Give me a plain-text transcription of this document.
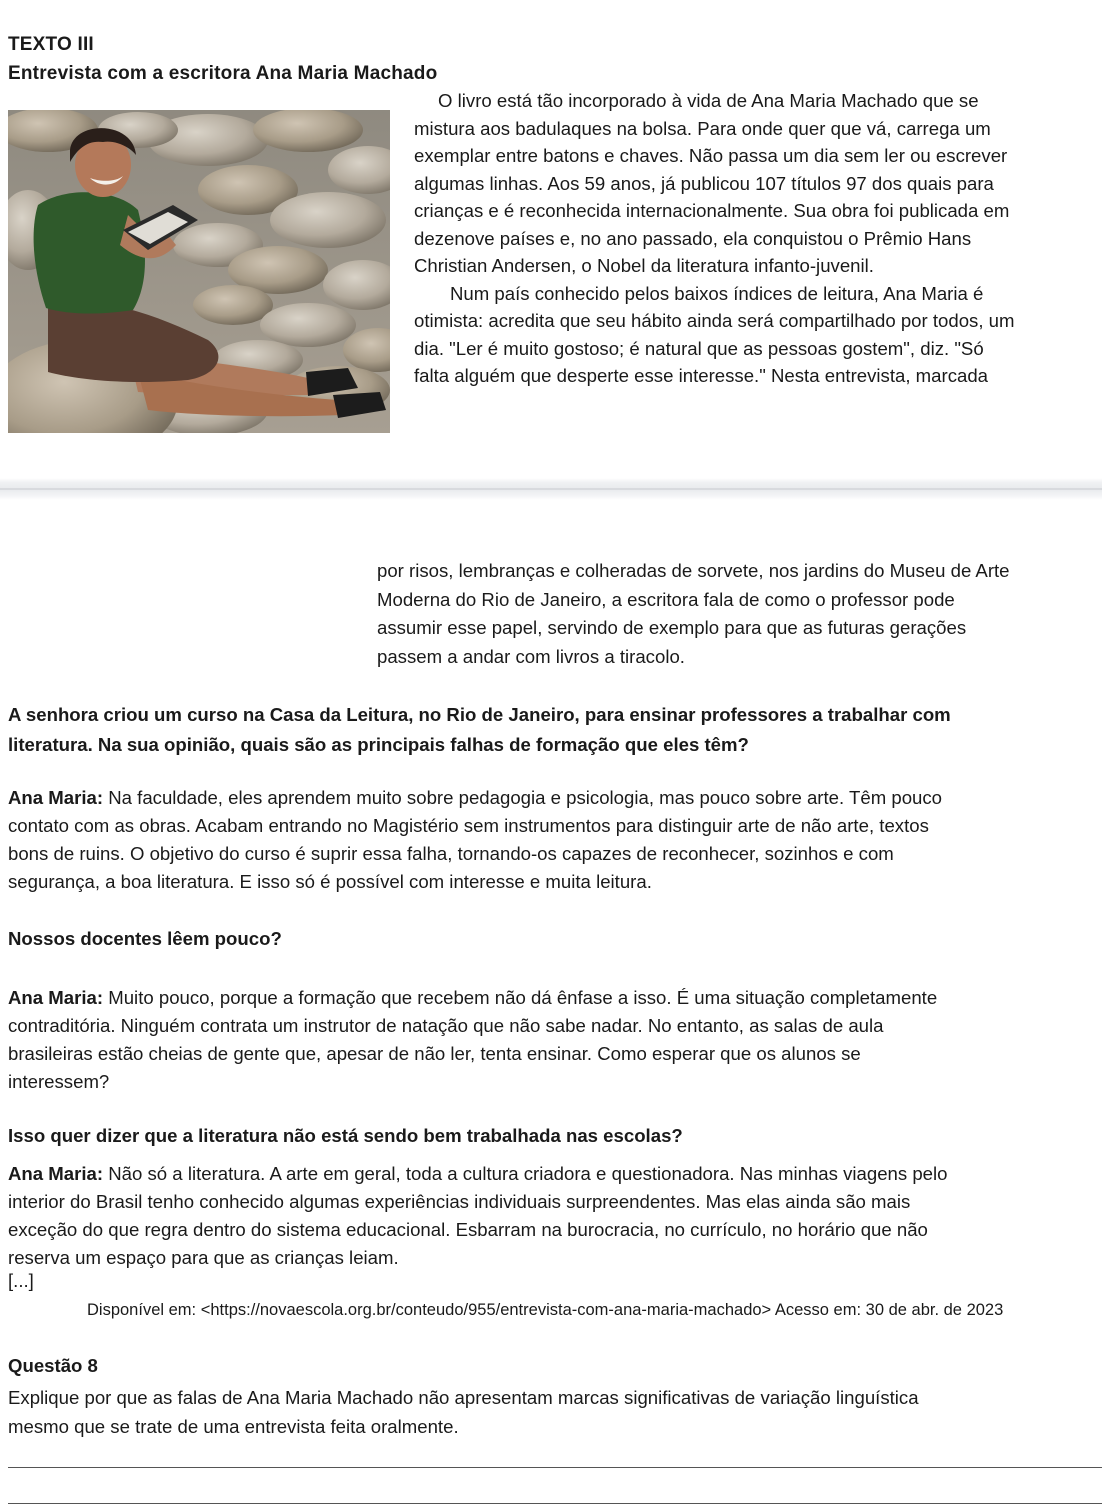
TEXTO III
Entrevista com a escritora Ana Maria Machado
O livro está tão incorporado à vida de Ana Maria Machado que se
mistura aos badulaques na bolsa. Para onde quer que vá, carrega um
exemplar entre batons e chaves. Não passa um dia sem ler ou escrever
algumas linhas. Aos 59 anos, já publicou 107 títulos 97 dos quais para
crianças e é reconhecida internacionalmente. Sua obra foi publicada em
dezenove países e, no ano passado, ela conquistou o Prêmio Hans
Christian Andersen, o Nobel da literatura infanto-juvenil.
Num país conhecido pelos baixos índices de leitura, Ana Maria é
otimista: acredita que seu hábito ainda será compartilhado por todos, um
dia. "Ler é muito gostoso; é natural que as pessoas gostem", diz. "Só
falta alguém que desperte esse interesse." Nesta entrevista, marcada
por risos, lembranças e colheradas de sorvete, nos jardins do Museu de Arte
Moderna do Rio de Janeiro, a escritora fala de como o professor pode
assumir esse papel, servindo de exemplo para que as futuras gerações
passem a andar com livros a tiracolo.
A senhora criou um curso na Casa da Leitura, no Rio de Janeiro, para ensinar professores a trabalhar com
literatura. Na sua opinião, quais são as principais falhas de formação que eles têm?
Ana Maria: Na faculdade, eles aprendem muito sobre pedagogia e psicologia, mas pouco sobre arte. Têm pouco
contato com as obras. Acabam entrando no Magistério sem instrumentos para distinguir arte de não arte, textos
bons de ruins. O objetivo do curso é suprir essa falha, tornando-os capazes de reconhecer, sozinhos e com
segurança, a boa literatura. E isso só é possível com interesse e muita leitura.
Nossos docentes lêem pouco?
Ana Maria: Muito pouco, porque a formação que recebem não dá ênfase a isso. É uma situação completamente
contraditória. Ninguém contrata um instrutor de natação que não sabe nadar. No entanto, as salas de aula
brasileiras estão cheias de gente que, apesar de não ler, tenta ensinar. Como esperar que os alunos se
interessem?
Isso quer dizer que a literatura não está sendo bem trabalhada nas escolas?
Ana Maria: Não só a literatura. A arte em geral, toda a cultura criadora e questionadora. Nas minhas viagens pelo
interior do Brasil tenho conhecido algumas experiências individuais surpreendentes. Mas elas ainda são mais
exceção do que regra dentro do sistema educacional. Esbarram na burocracia, no currículo, no horário que não
reserva um espaço para que as crianças leiam.
[...]
Disponível em: <https://novaescola.org.br/conteudo/955/entrevista-com-ana-maria-machado> Acesso em: 30 de abr. de 2023
Questão 8
Explique por que as falas de Ana Maria Machado não apresentam marcas significativas de variação linguística
mesmo que se trate de uma entrevista feita oralmente.
